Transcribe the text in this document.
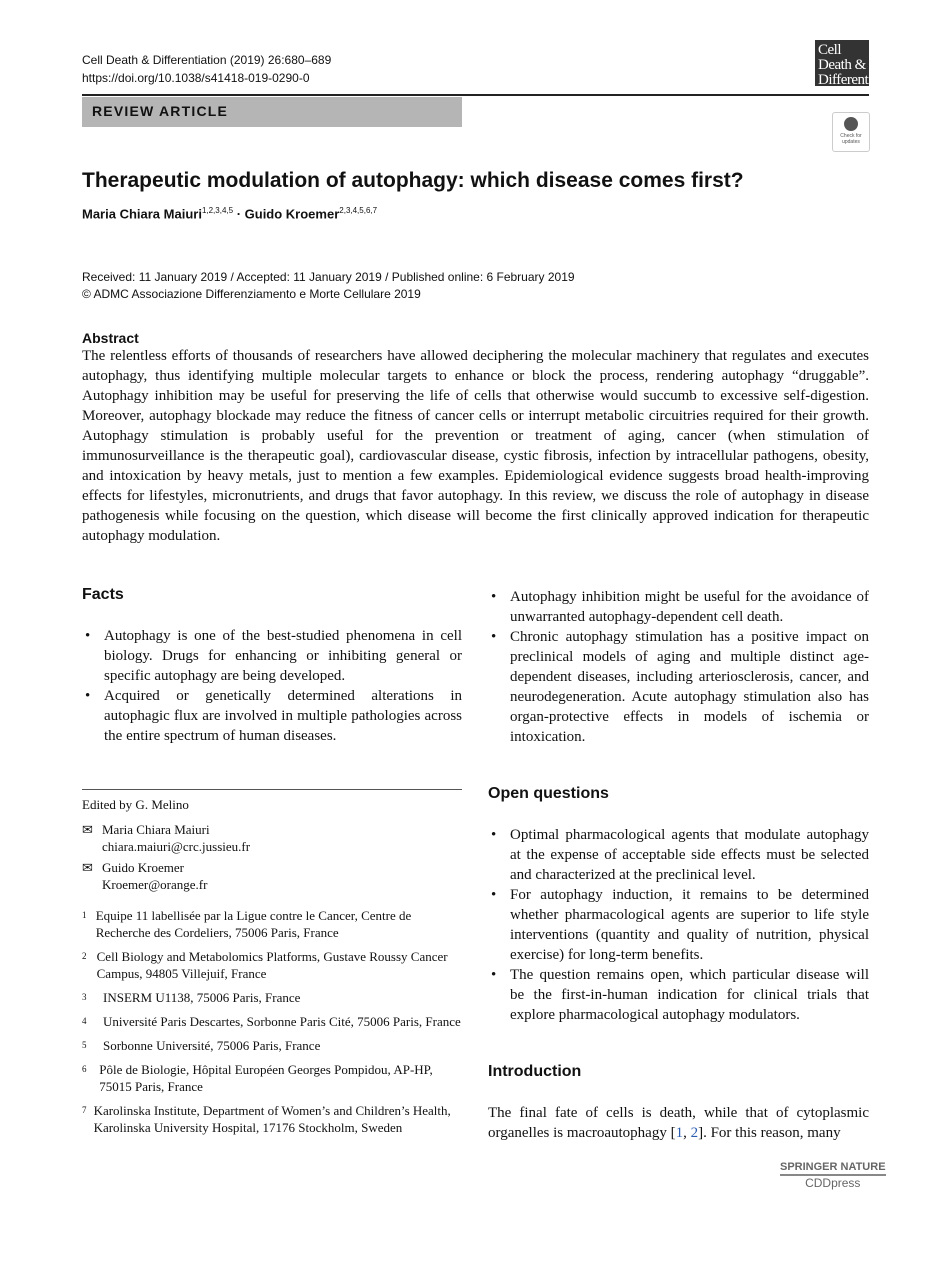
Cell Death & Differentiation (2019) 26:680–689
https://doi.org/10.1038/s41418-019-0290-0
Cell Death &
Differentiation
REVIEW ARTICLE
Check for updates
Therapeutic modulation of autophagy: which disease comes first?
Maria Chiara Maiuri$^{1,2,3,4,5}$ · Guido Kroemer$^{2,3,4,5,6,7}$
Received: 11 January 2019 / Accepted: 11 January 2019 / Published online: 6 February 2019
© ADMC Associazione Differenziamento e Morte Cellulare 2019
Abstract

The relentless efforts of thousands of researchers have allowed deciphering the molecular machinery that regulates and executes autophagy, thus identifying multiple molecular targets to enhance or block the process, rendering autophagy “druggable”. Autophagy inhibition may be useful for preserving the life of cells that otherwise would succumb to excessive self-digestion. Moreover, autophagy blockade may reduce the fitness of cancer cells or interrupt metabolic circuitries required for their growth. Autophagy stimulation is probably useful for the prevention or treatment of aging, cancer (when stimulation of immunosurveillance is the therapeutic goal), cardiovascular disease, cystic fibrosis, infection by intracellular pathogens, obesity, and intoxication by heavy metals, just to mention a few examples. Epidemiological evidence suggests broad health-improving effects for lifestyles, micronutrients, and drugs that favor autophagy. In this review, we discuss the role of autophagy in disease pathogenesis while focusing on the question, which disease will become the first clinically approved indication for therapeutic autophagy modulation.

Facts
• Autophagy is one of the best-studied phenomena in cell biology. Drugs for enhancing or inhibiting general or specific autophagy are being developed.
• Acquired or genetically determined alterations in autophagic flux are involved in multiple pathologies across the entire spectrum of human diseases.
• Autophagy inhibition might be useful for the avoidance of unwarranted autophagy-dependent cell death.
• Chronic autophagy stimulation has a positive impact on preclinical models of aging and multiple distinct age-dependent diseases, including arteriosclerosis, cancer, and neurodegeneration. Acute autophagy stimulation also has organ-protective effects in models of ischemia or intoxication.
Open questions
• Optimal pharmacological agents that modulate autophagy at the expense of acceptable side effects must be selected and characterized at the preclinical level.
• For autophagy induction, it remains to be determined whether pharmacological agents are superior to life style interventions (quantity and quality of nutrition, physical exercise) for long-term benefits.
• The question remains open, which particular disease will be the first-in-human indication for clinical trials that explore pharmacological autophagy modulators.
Introduction

The final fate of cells is death, while that of cytoplasmic organelles is macroautophagy [1, 2]. For this reason, many

Edited by G. Melino
✉ Maria Chiara Maiuri
chiara.maiuri@crc.jussieu.fr
✉ Guido Kroemer
Kroemer@orange.fr
1 Equipe 11 labellisée par la Ligue contre le Cancer, Centre de Recherche des Cordeliers, 75006 Paris, France
2 Cell Biology and Metabolomics Platforms, Gustave Roussy Cancer Campus, 94805 Villejuif, France
3	INSERM U1138, 75006 Paris, France
4	Université Paris Descartes, Sorbonne Paris Cité, 75006 Paris, France
5	Sorbonne Université, 75006 Paris, France
6 Pôle de Biologie, Hôpital Européen Georges Pompidou, AP-HP, 75015 Paris, France
7 Karolinska Institute, Department of Women’s and Children’s Health, Karolinska University Hospital, 17176 Stockholm, Sweden
SPRINGER NATURE
CDDpress
